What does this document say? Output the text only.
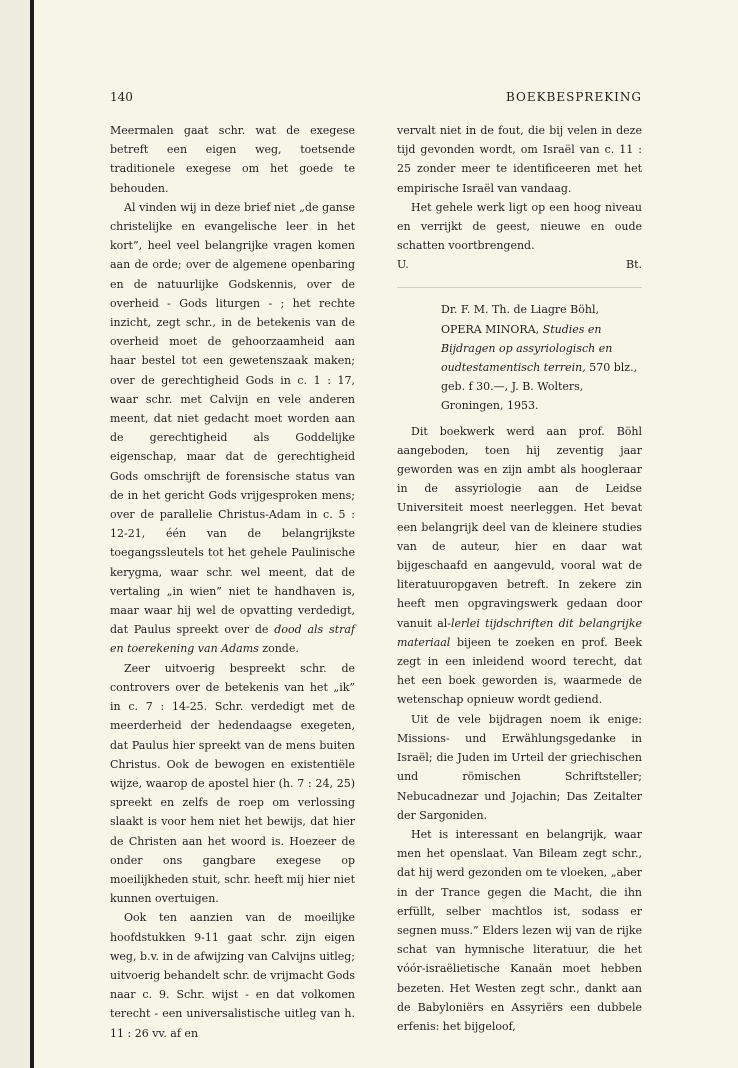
140	BOEKBESPREKING

Meermalen gaat schr. wat de exegese betreft een eigen weg, toetsende traditionele exegese om het goede te behouden.

Al vinden wij in deze brief niet „de ganse christelijke en evangelische leer in het kort”, heel veel belangrijke vragen komen aan de orde; over de algemene openbaring en de natuurlijke Godskennis, over de overheid - Gods liturgen - ; het rechte inzicht, zegt schr., in de betekenis van de overheid moet de gehoorzaamheid aan haar bestel tot een gewetenszaak maken; over de gerechtigheid Gods in c. 1 : 17, waar schr. met Calvijn en vele anderen meent, dat niet gedacht moet worden aan de gerechtigheid als Goddelijke eigenschap, maar dat de gerechtigheid Gods omschrijft de forensische status van de in het gericht Gods vrijgesproken mens; over de parallelie Christus-Adam in c. 5 : 12-21, één van de belangrijkste toegangssleutels tot het gehele Paulinische kerygma, waar schr. wel meent, dat de vertaling „in wien” niet te handhaven is, maar waar hij wel de opvatting verdedigt, dat Paulus spreekt over de dood als straf en toerekening van Adams zonde.

Zeer uitvoerig bespreekt schr. de controvers over de betekenis van het „ik” in c. 7 : 14-25. Schr. verdedigt met de meerderheid der hedendaagse exegeten, dat Paulus hier spreekt van de mens buiten Christus. Ook de bewogen en existentiële wijze, waarop de apostel hier (h. 7 : 24, 25) spreekt en zelfs de roep om verlossing slaakt is voor hem niet het bewijs, dat hier de Christen aan het woord is. Hoezeer de onder ons gangbare exegese op moeilijkheden stuit, schr. heeft mij hier niet kunnen overtuigen.

Ook ten aanzien van de moeilijke hoofdstukken 9-11 gaat schr. zijn eigen weg, b.v. in de afwijzing van Calvijns uitleg; uitvoerig behandelt schr. de vrijmacht Gods naar c. 9. Schr. wijst - en dat volkomen terecht - een universalistische uitleg van h. 11 : 26 vv. af en

vervalt niet in de fout, die bij velen in deze tijd gevonden wordt, om Israël van c. 11 : 25 zonder meer te identificeeren met het empirische Israël van vandaag.

Het gehele werk ligt op een hoog niveau en verrijkt de geest, nieuwe en oude schatten voortbrengend.

U.	Bt.

Dr. F. M. Th. de Liagre Böhl, OPERA MINORA, Studies en Bijdragen op assyriologisch en oudtestamentisch terrein, 570 blz., geb. f 30.—, J. B. Wolters, Groningen, 1953.

Dit boekwerk werd aan prof. Böhl aangeboden, toen hij zeventig jaar geworden was en zijn ambt als hoogleraar in de assyriologie aan de Leidse Universiteit moest neerleggen. Het bevat een belangrijk deel van de kleinere studies van de auteur, hier en daar wat bijgeschaafd en aangevuld, vooral wat de literatuuropgaven betreft. In zekere zin heeft men opgravingswerk gedaan door vanuit al-lerlei tijdschriften dit belangrijke materiaal bijeen te zoeken en prof. Beek zegt in een inleidend woord terecht, dat het een boek geworden is, waarmede de wetenschap opnieuw wordt gediend.

Uit de vele bijdragen noem ik enige: Missions- und Erwählungsgedanke in Israël; die Juden im Urteil der griechischen und römischen Schriftsteller; Nebucadnezar und Jojachin; Das Zeitalter der Sargoniden.

Het is interessant en belangrijk, waar men het openslaat. Van Bileam zegt schr., dat hij werd gezonden om te vloeken, „aber in der Trance gegen die Macht, die ihn erfüllt, selber machtlos ist, sodass er segnen muss.” Elders lezen wij van de rijke schat van hymnische literatuur, die het vóór-israëlietische Kanaän moet hebben bezeten. Het Westen zegt schr., dankt aan de Babyloniërs en Assyriërs een dubbele erfenis: het bijgeloof,
